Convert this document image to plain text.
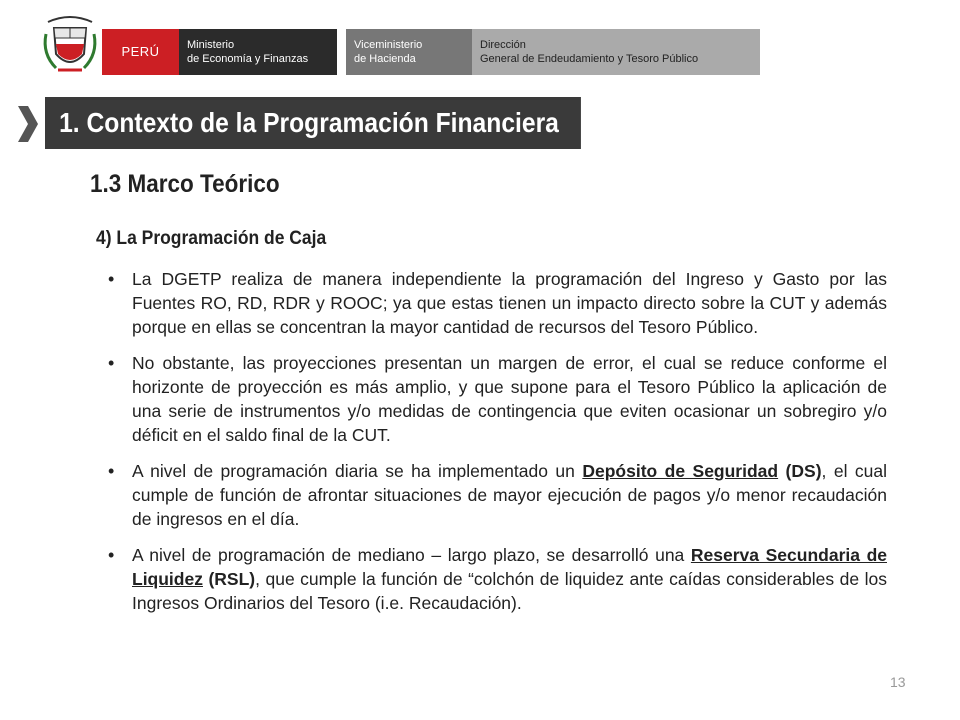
PERÚ Ministerio
de Economía y Finanzas
Viceministerio
de Hacienda
Dirección
General de Endeudamiento y Tesoro Público
1. Contexto de la Programación Financiera
1.3 Marco Teórico
4) La Programación de Caja
• La DGETP realiza de manera independiente la programación del Ingreso y Gasto por las Fuentes RO, RD, RDR y ROOC; ya que estas tienen un impacto directo sobre la CUT y además porque en ellas se concentran la mayor cantidad de recursos del Tesoro Público.
• No obstante, las proyecciones presentan un margen de error, el cual se reduce conforme el horizonte de proyección es más amplio, y que supone para el Tesoro Público la aplicación de una serie de instrumentos y/o medidas de contingencia que eviten ocasionar un sobregiro y/o déficit en el saldo final de la CUT.
• A nivel de programación diaria se ha implementado un Depósito de Seguridad (DS), el cual cumple de función de afrontar situaciones de mayor ejecución de pagos y/o menor recaudación de ingresos en el día.
• A nivel de programación de mediano – largo plazo, se desarrolló una Reserva Secundaria de Liquidez (RSL), que cumple la función de “colchón de liquidez ante caídas considerables de los Ingresos Ordinarios del Tesoro (i.e. Recaudación).
13
